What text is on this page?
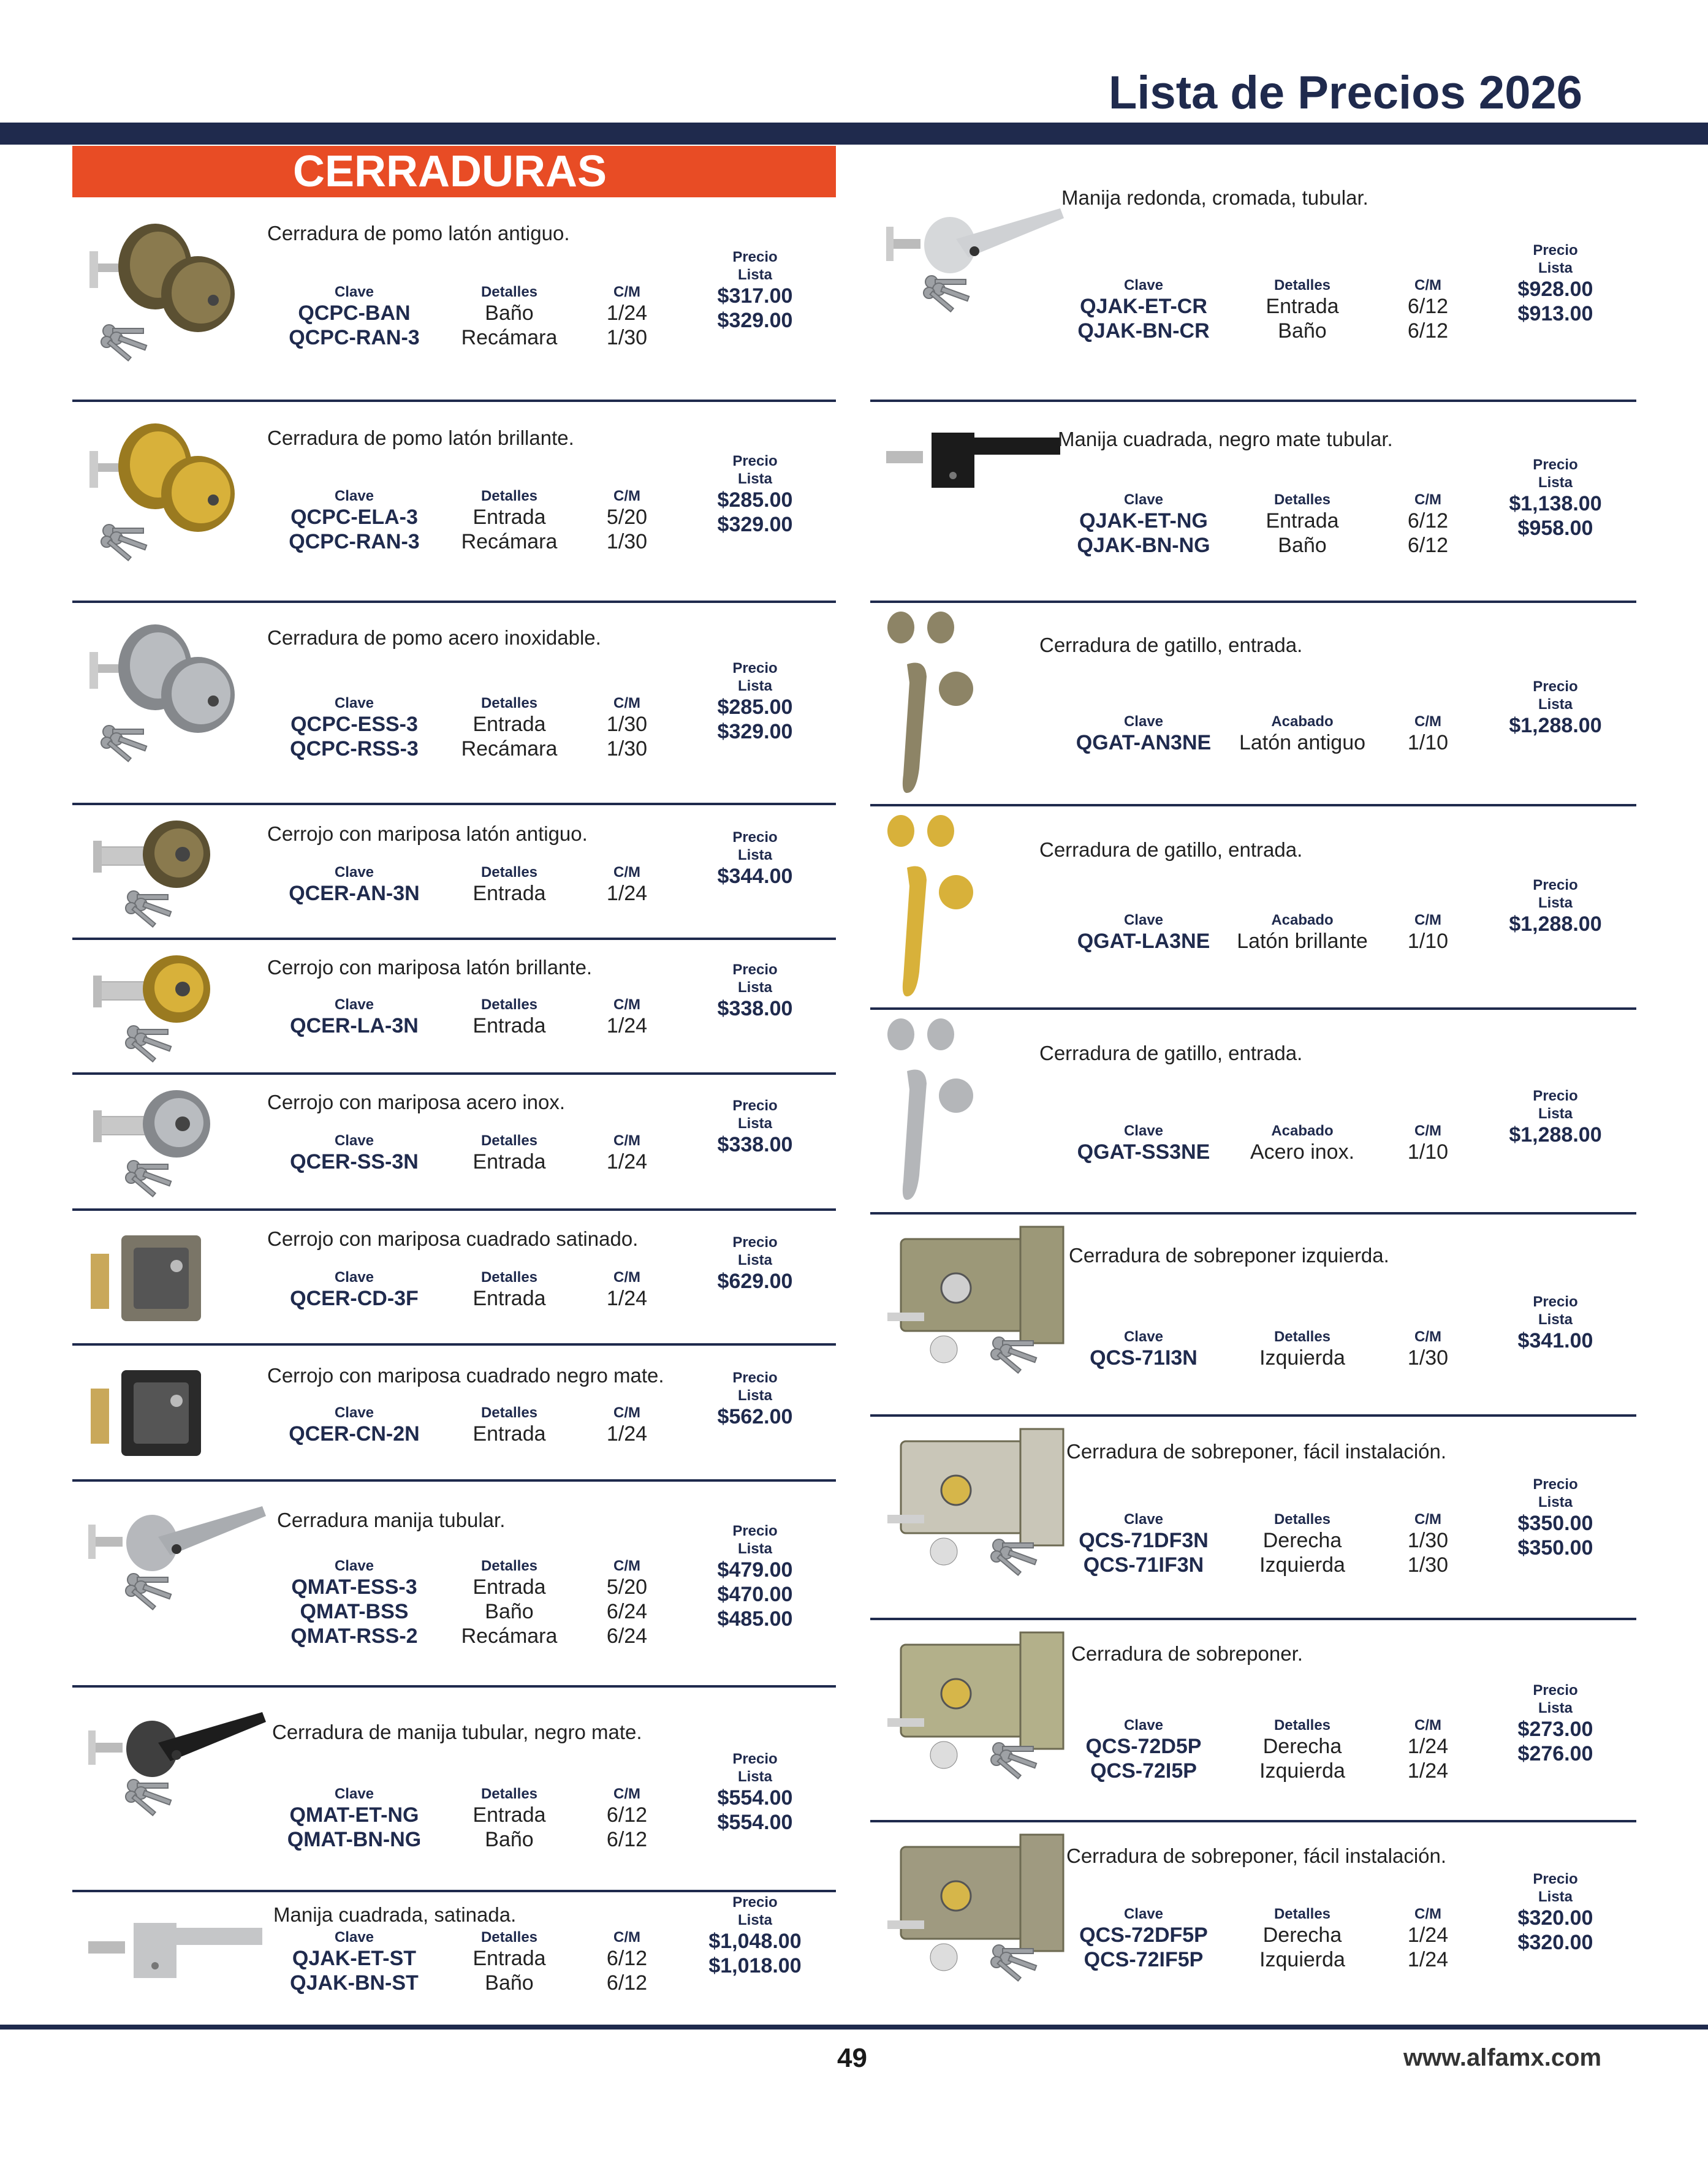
Lista de Precios 2026
CERRADURAS
Cerradura de pomo latón antiguo.
Clave
QCPC-BAN
QCPC-RAN-3
Detalles
Baño
Recámara
C/M
1/24
1/30
Precio
Lista
$317.00
$329.00
Cerradura de pomo latón brillante.
Clave
QCPC-ELA-3
QCPC-RAN-3
Detalles
Entrada
Recámara
C/M
5/20
1/30
Precio
Lista
$285.00
$329.00
Cerradura de pomo acero inoxidable.
Clave
QCPC-ESS-3
QCPC-RSS-3
Detalles
Entrada
Recámara
C/M
1/30
1/30
Precio
Lista
$285.00
$329.00
Cerrojo con mariposa latón antiguo.
Clave
QCER-AN-3N
Detalles
Entrada
C/M
1/24
Precio
Lista
$344.00
Cerrojo con mariposa latón brillante.
Clave
QCER-LA-3N
Detalles
Entrada
C/M
1/24
Precio
Lista
$338.00
Cerrojo con mariposa acero inox.
Clave
QCER-SS-3N
Detalles
Entrada
C/M
1/24
Precio
Lista
$338.00
Cerrojo con mariposa cuadrado satinado.
Clave
QCER-CD-3F
Detalles
Entrada
C/M
1/24
Precio
Lista
$629.00
Cerrojo con mariposa cuadrado negro mate.
Clave
QCER-CN-2N
Detalles
Entrada
C/M
1/24
Precio
Lista
$562.00
Cerradura manija tubular.
Clave
QMAT-ESS-3
QMAT-BSS
QMAT-RSS-2
Detalles
Entrada
Baño
Recámara
C/M
5/20
6/24
6/24
Precio
Lista
$479.00
$470.00
$485.00
Cerradura de manija tubular, negro mate.
Clave
QMAT-ET-NG
QMAT-BN-NG
Detalles
Entrada
Baño
C/M
6/12
6/12
Precio
Lista
$554.00
$554.00
Manija cuadrada, satinada.
Clave
QJAK-ET-ST
QJAK-BN-ST
Detalles
Entrada
Baño
C/M
6/12
6/12
Precio
Lista
$1,048.00
$1,018.00
Manija redonda, cromada, tubular.
Clave
QJAK-ET-CR
QJAK-BN-CR
Detalles
Entrada
Baño
C/M
6/12
6/12
Precio
Lista
$928.00
$913.00
Manija cuadrada, negro mate tubular.
Clave
QJAK-ET-NG
QJAK-BN-NG
Detalles
Entrada
Baño
C/M
6/12
6/12
Precio
Lista
$1,138.00
$958.00
Cerradura de gatillo, entrada.
Clave
QGAT-AN3NE
Acabado
Latón antiguo
C/M
1/10
Precio
Lista
$1,288.00
Cerradura de gatillo, entrada.
Clave
QGAT-LA3NE
Acabado
Latón brillante
C/M
1/10
Precio
Lista
$1,288.00
Cerradura de gatillo, entrada.
Clave
QGAT-SS3NE
Acabado
Acero inox.
C/M
1/10
Precio
Lista
$1,288.00
Cerradura de sobreponer izquierda.
Clave
QCS-71I3N
Detalles
Izquierda
C/M
1/30
Precio
Lista
$341.00
Cerradura de sobreponer, fácil instalación.
Clave
QCS-71DF3N
QCS-71IF3N
Detalles
Derecha
Izquierda
C/M
1/30
1/30
Precio
Lista
$350.00
$350.00
Cerradura de sobreponer.
Clave
QCS-72D5P
QCS-72I5P
Detalles
Derecha
Izquierda
C/M
1/24
1/24
Precio
Lista
$273.00
$276.00
Cerradura de sobreponer, fácil instalación.
Clave
QCS-72DF5P
QCS-72IF5P
Detalles
Derecha
Izquierda
C/M
1/24
1/24
Precio
Lista
$320.00
$320.00
49	www.alfamx.com
